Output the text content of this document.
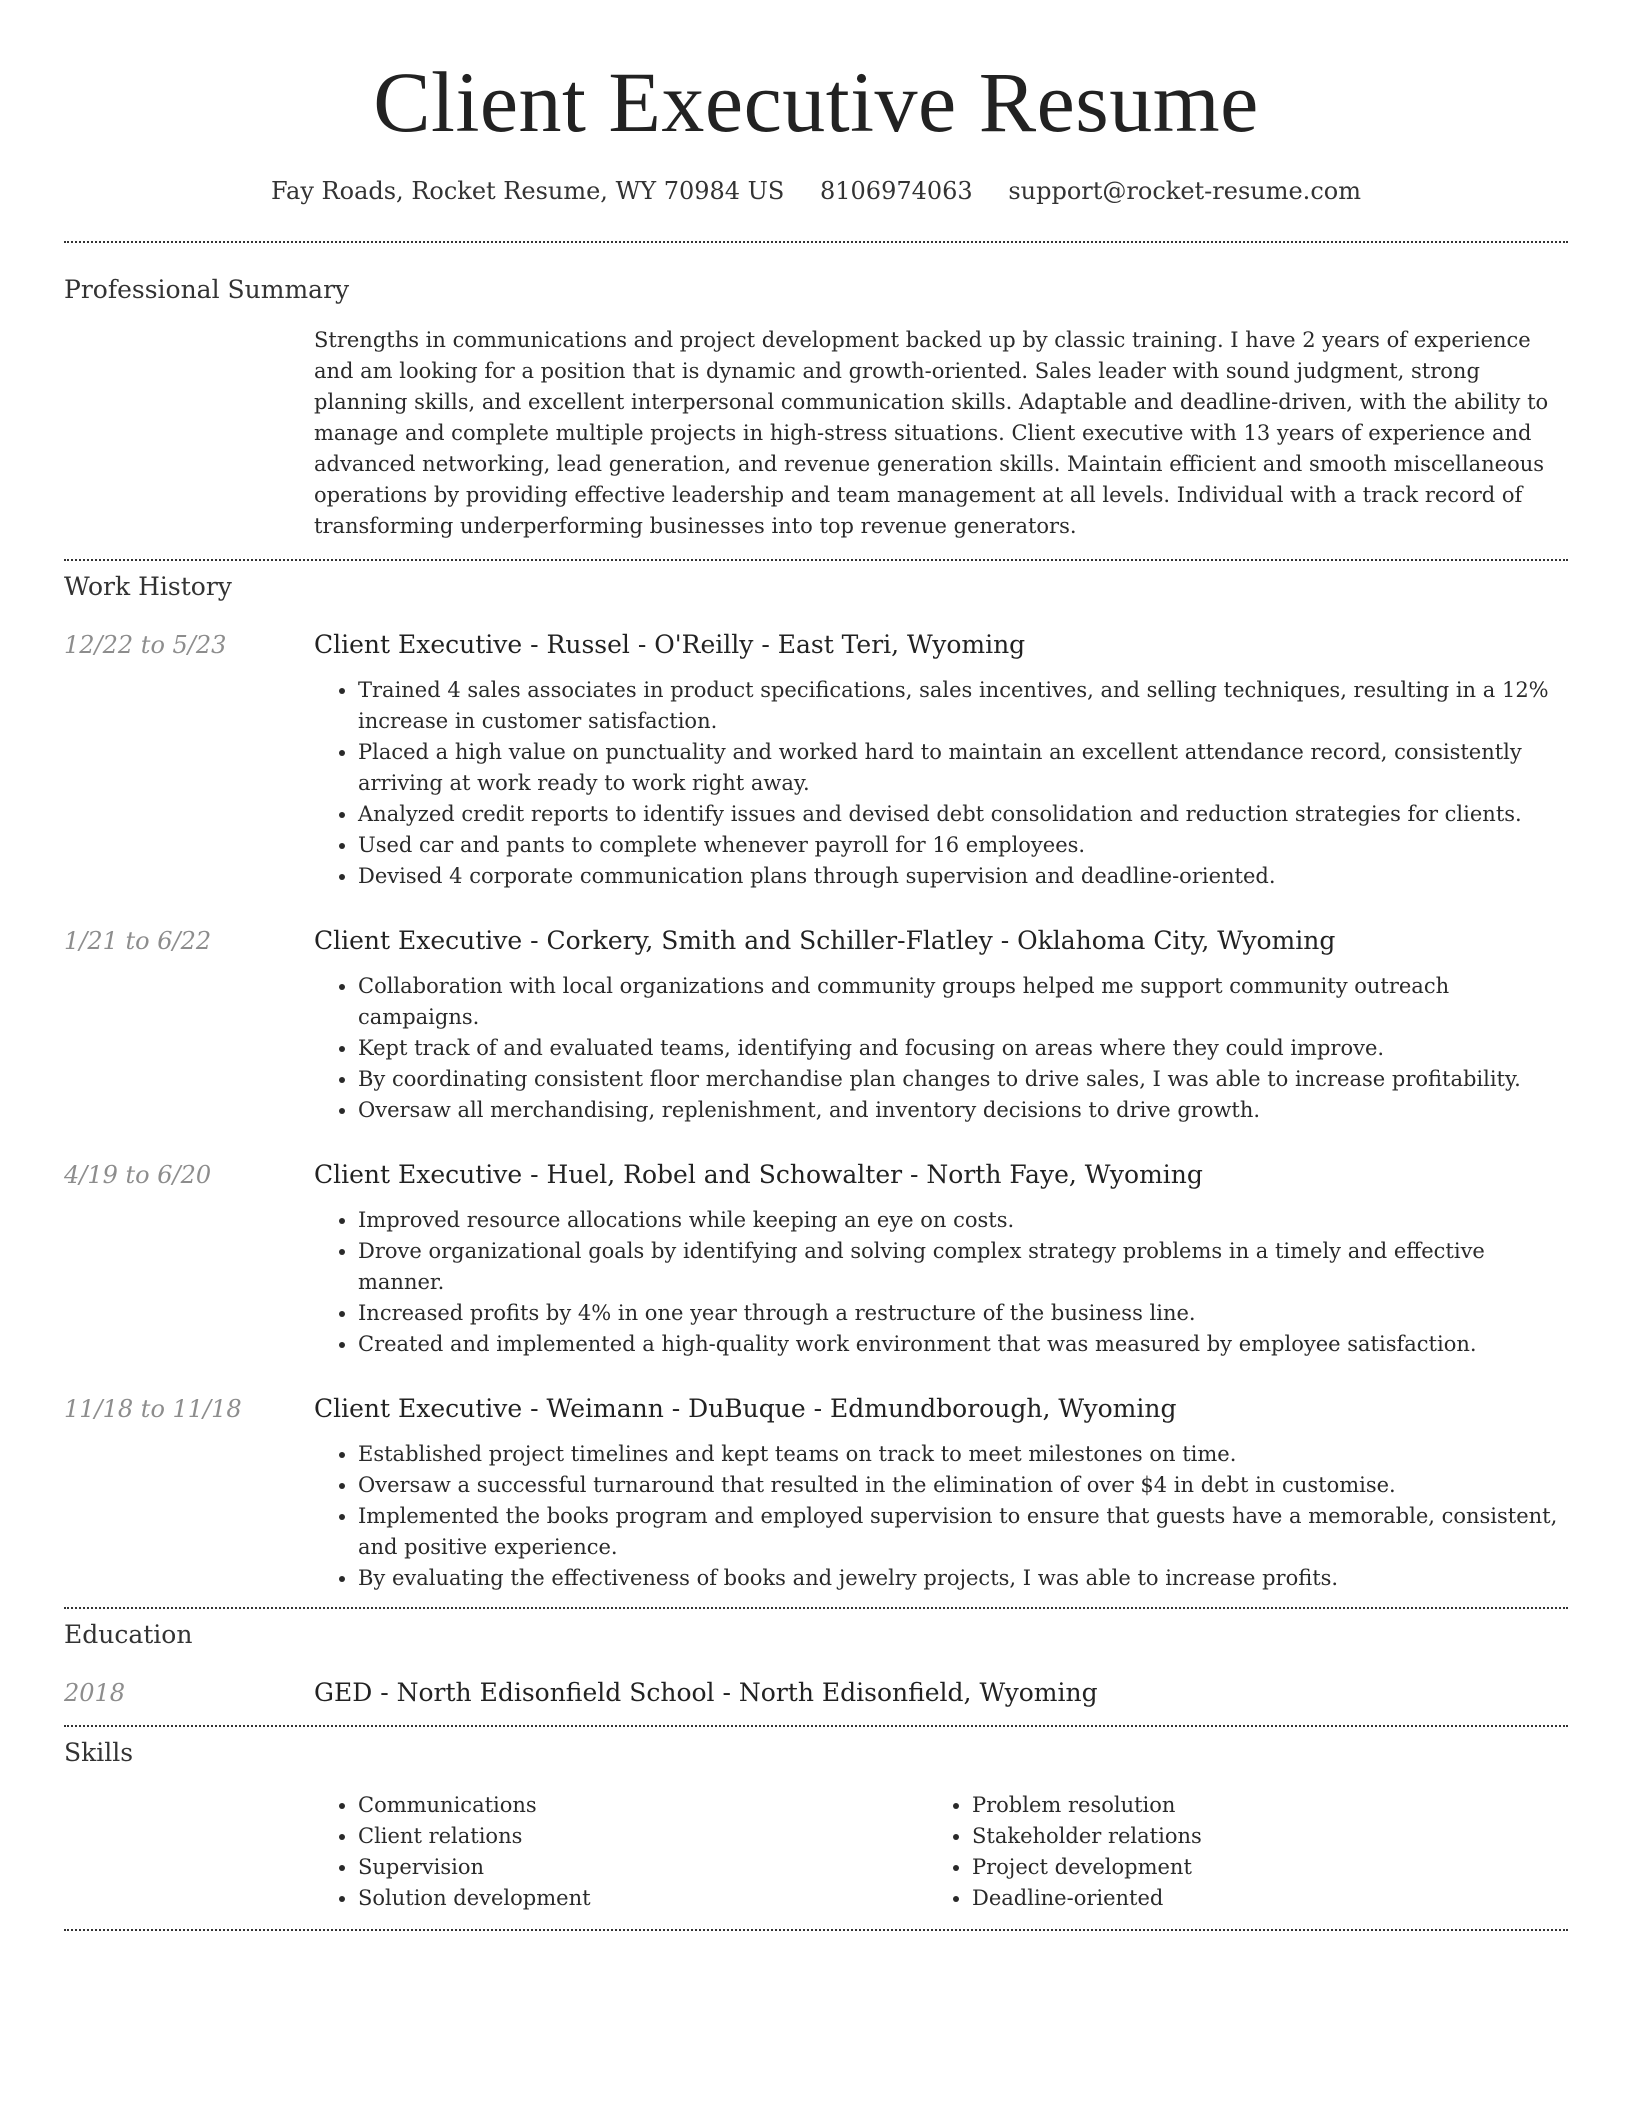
Client Executive Resume
Fay Roads, Rocket Resume, WY 70984 US 8106974063 support@rocket-resume.com
Professional Summary
Strengths in communications and project development backed up by classic training. I have 2 years of experience and am looking for a position that is dynamic and growth-oriented. Sales leader with sound judgment, strong planning skills, and excellent interpersonal communication skills. Adaptable and deadline-driven, with the ability to manage and complete multiple projects in high-stress situations. Client executive with 13 years of experience and advanced networking, lead generation, and revenue generation skills. Maintain efficient and smooth miscellaneous operations by providing effective leadership and team management at all levels. Individual with a track record of transforming underperforming businesses into top revenue generators.
Work History
12/22 to 5/23	Client Executive - Russel - O'Reilly - East Teri, Wyoming
• Trained 4 sales associates in product specifications, sales incentives, and selling techniques, resulting in a 12% increase in customer satisfaction.
• Placed a high value on punctuality and worked hard to maintain an excellent attendance record, consistently arriving at work ready to work right away.
• Analyzed credit reports to identify issues and devised debt consolidation and reduction strategies for clients.
• Used car and pants to complete whenever payroll for 16 employees.
• Devised 4 corporate communication plans through supervision and deadline-oriented.
1/21 to 6/22	Client Executive - Corkery, Smith and Schiller-Flatley - Oklahoma City, Wyoming
• Collaboration with local organizations and community groups helped me support community outreach campaigns.
• Kept track of and evaluated teams, identifying and focusing on areas where they could improve.
• By coordinating consistent floor merchandise plan changes to drive sales, I was able to increase profitability.
• Oversaw all merchandising, replenishment, and inventory decisions to drive growth.
4/19 to 6/20	Client Executive - Huel, Robel and Schowalter - North Faye, Wyoming
• Improved resource allocations while keeping an eye on costs.
• Drove organizational goals by identifying and solving complex strategy problems in a timely and effective manner.
• Increased profits by 4% in one year through a restructure of the business line.
• Created and implemented a high-quality work environment that was measured by employee satisfaction.
11/18 to 11/18	Client Executive - Weimann - DuBuque - Edmundborough, Wyoming
• Established project timelines and kept teams on track to meet milestones on time.
• Oversaw a successful turnaround that resulted in the elimination of over $4 in debt in customise.
• Implemented the books program and employed supervision to ensure that guests have a memorable, consistent, and positive experience.
• By evaluating the effectiveness of books and jewelry projects, I was able to increase profits.
Education
2018	GED - North Edisonfield School - North Edisonfield, Wyoming
Skills
• Communications
• Client relations
• Supervision
• Solution development
• Problem resolution
• Stakeholder relations
• Project development
• Deadline-oriented
